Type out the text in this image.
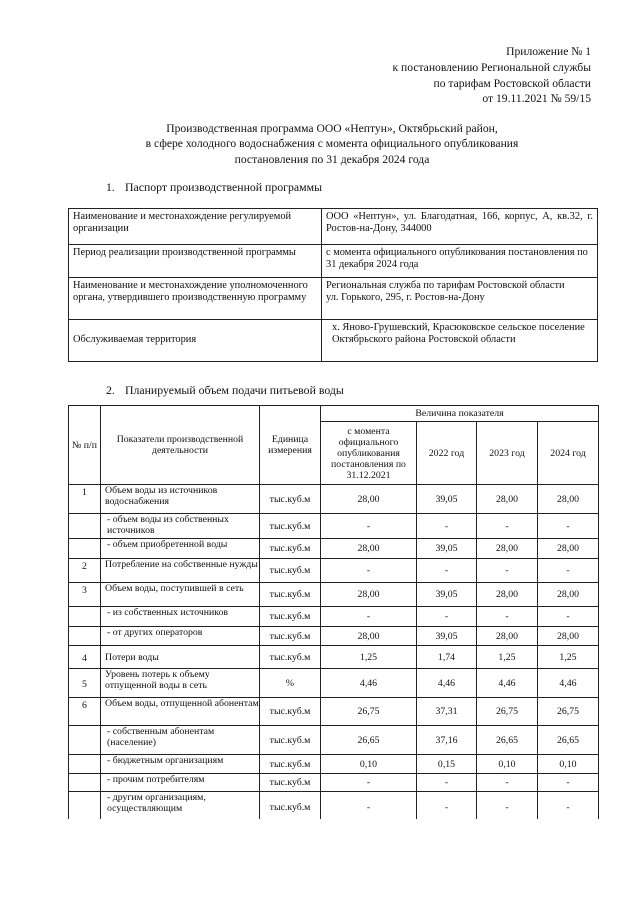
Приложение № 1
к постановлению Региональной службы
по тарифам Ростовской области
от 19.11.2021 № 59/15
Производственная программа ООО «Нептун», Октябрьский район,
в сфере холодного водоснабжения с момента официального опубликования
постановления по 31 декабря 2024 года
1. Паспорт производственной программы
Наименование и местонахождение регулируемой организации	ООО «Нептун», ул. Благодатная, 166, корпус, А, кв.32, г. Ростов-на-Дону, 344000

Период реализации производственной программы	с момента официального опубликования постановления по 31 декабря 2024 года

Наименование и местонахождение уполномоченного органа, утвердившего производственную программу	Региональная служба по тарифам Ростовской области
ул. Горького, 295, г. Ростов-на-Дону

Обслуживаемая территория	х. Яново-Грушевский, Красюковское сельское поселение Октябрьского района Ростовской области
2. Планируемый объем подачи питьевой воды
№ п/п	Показатели производственной деятельности	Единица измерения	Величина показателя			
			с момента официального опубликования постановления по 31.12.2021	2022 год	2023 год	2024 год
1	Объем воды из источников водоснабжения	тыс.куб.м	28,00	39,05	28,00	28,00
	- объем воды из собственных источников	тыс.куб.м	-	-	-	-
	- объем приобретенной воды	тыс.куб.м	28,00	39,05	28,00	28,00
2	Потребление на собственные нужды	тыс.куб.м	-	-	-	-
3	Объем воды, поступившей в сеть	тыс.куб.м	28,00	39,05	28,00	28,00
	- из собственных источников	тыс.куб.м	-	-	-	-
	- от других операторов	тыс.куб.м	28,00	39,05	28,00	28,00
4	Потери воды	тыс.куб.м	1,25	1,74	1,25	1,25
5	Уровень потерь к объему отпущенной воды в сеть	%	4,46	4,46	4,46	4,46
6	Объем воды, отпущенной абонентам	тыс.куб.м	26,75	37,31	26,75	26,75
	- собственным абонентам (население)	тыс.куб.м	26,65	37,16	26,65	26,65
	- бюджетным организациям	тыс.куб.м	0,10	0,15	0,10	0,10
	- прочим потребителям	тыс.куб.м	-	-	-	-
	- другим организациям, осуществляющим	тыс.куб.м	-	-	-	-
